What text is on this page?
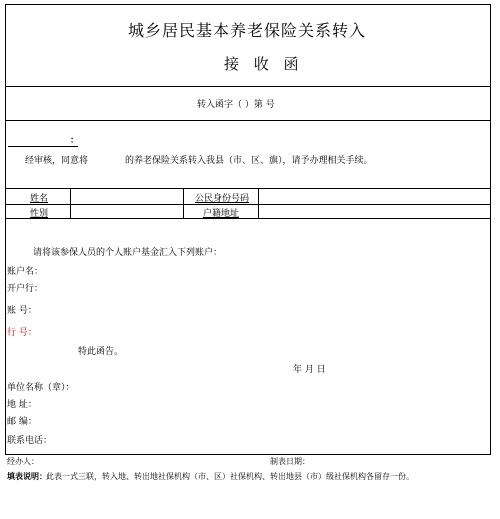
城乡居民基本养老保险关系转入
接 收 函
转入函字（ ）第 号
：
经审核，同意将	的养老保险关系转入我县（市、区、旗），请予办理相关手续。
姓名	公民身份号码
性别	户籍地址
请将该参保人员的个人账户基金汇入下列账户：
账户名：
开户行：
账 号：
行 号：
特此函告。
年 月 日
单位名称（章）：
地 址：
邮 编：
联系电话：
经办人：	制表日期：
填表说明： 此表一式三联，转入地、转出地社保机构（市、区）社保机构、转出地县（市）级社保机构各留存一份。
